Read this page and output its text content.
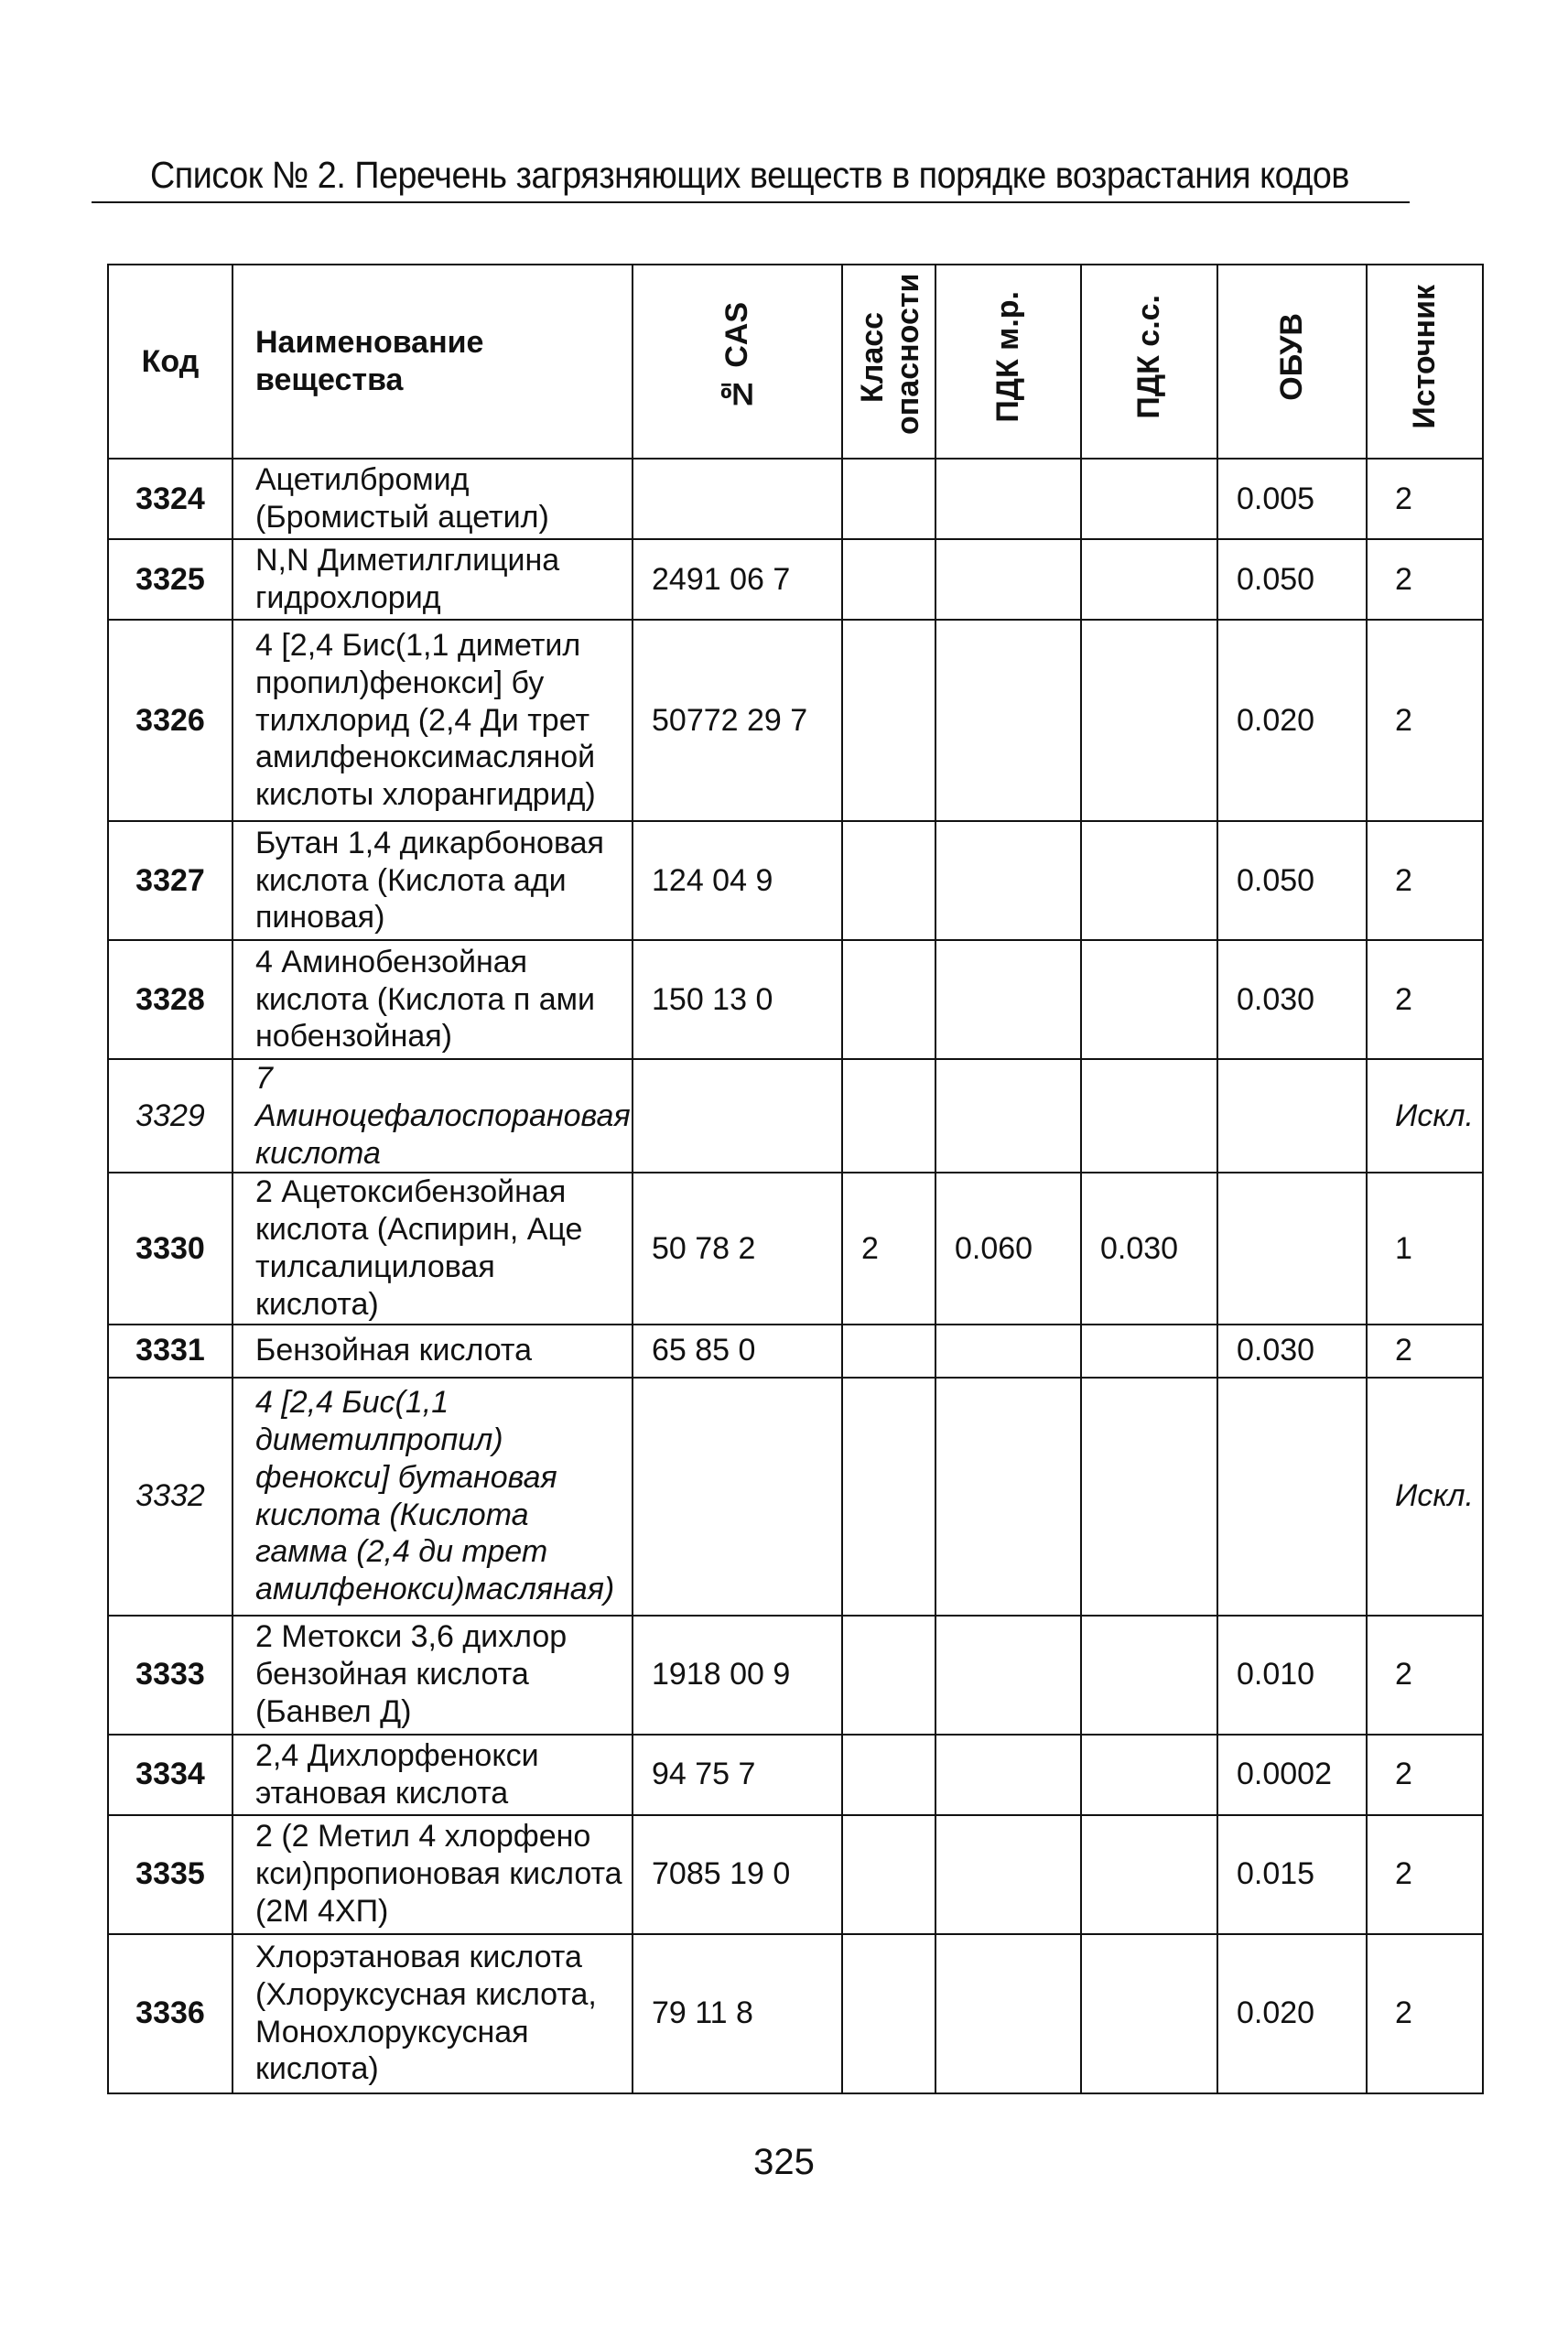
Список № 2. Перечень загрязняющих веществ в порядке возрастания кодов
Код	Наименование вещества	№ CAS	Класс опасности	ПДК м.р.	ПДК с.с.	ОБУВ	Источник
3324	Ацетилбромид (Бромистый ацетил)					0.005	2
3325	N,N Диметилглицина гидрохлорид	2491 06 7				0.050	2
3326	4 [2,4 Бис(1,1 диметил пропил)фенокси] бу тилхлорид (2,4 Ди трет амилфеноксимасляной кислоты хлорангидрид)	50772 29 7				0.020	2
3327	Бутан 1,4 дикарбоновая кислота (Кислота ади пиновая)	124 04 9				0.050	2
3328	4 Аминобензойная кислота (Кислота п ами нобензойная)	150 13 0				0.030	2
3329	7 Аминоцефалоспорановая кислота						Искл.
3330	2 Ацетоксибензойная кислота (Аспирин, Аце тилсалициловая кислота)	50 78 2	2	0.060	0.030		1
3331	Бензойная кислота	65 85 0				0.030	2
3332	4 [2,4 Бис(1,1 диметилпропил) фенокси] бутановая кислота (Кислота гамма (2,4 ди трет амилфенокси)масляная)						Искл.
3333	2 Метокси 3,6 дихлор бензойная кислота (Банвел Д)	1918 00 9				0.010	2
3334	2,4 Дихлорфенокси этановая кислота	94 75 7				0.0002	2
3335	2 (2 Метил 4 хлорфено кси)пропионовая кислота (2М 4ХП)	7085 19 0				0.015	2
3336	Хлорэтановая кислота (Хлоруксусная кислота, Монохлоруксусная кислота)	79 11 8				0.020	2
325
